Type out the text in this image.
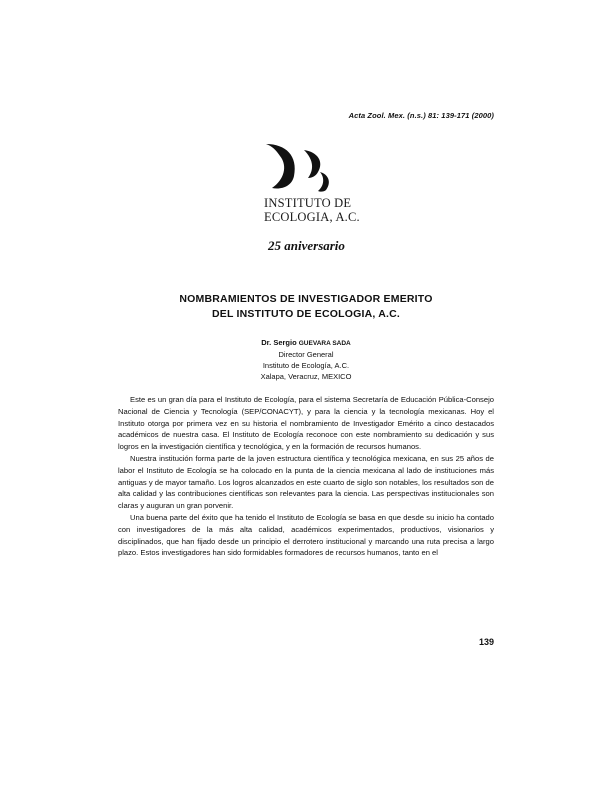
Acta Zool. Mex. (n.s.) 81: 139-171 (2000)
INSTITUTO DE
ECOLOGIA, A.C.
25 aniversario
NOMBRAMIENTOS DE INVESTIGADOR EMERITO
DEL INSTITUTO DE ECOLOGIA, A.C.
Dr. Sergio GUEVARA SADA
Director General
Instituto de Ecología, A.C.
Xalapa, Veracruz, MEXICO

Este es un gran día para el Instituto de Ecología, para el sistema Secretaría de Educación Pública-Consejo Nacional de Ciencia y Tecnología (SEP/CONACYT), y para la ciencia y la tecnología mexicanas. Hoy el Instituto otorga por primera vez en su historia el nombramiento de Investigador Emérito a cinco destacados académicos de nuestra casa. El Instituto de Ecología reconoce con este nombramiento su dedicación y sus logros en la investigación científica y tecnológica, y en la formación de recursos humanos.

Nuestra institución forma parte de la joven estructura científica y tecnológica mexicana, en sus 25 años de labor el Instituto de Ecología se ha colocado en la punta de la ciencia mexicana al lado de instituciones más antiguas y de mayor tamaño. Los logros alcanzados en este cuarto de siglo son notables, los resultados son de alta calidad y las contribuciones científicas son relevantes para la ciencia. Las perspectivas institucionales son claras y auguran un gran porvenir.

Una buena parte del éxito que ha tenido el Instituto de Ecología se basa en que desde su inicio ha contado con investigadores de la más alta calidad, académicos experimentados, productivos, visionarios y disciplinados, que han fijado desde un principio el derrotero institucional y marcando una ruta precisa a largo plazo. Estos investigadores han sido formidables formadores de recursos humanos, tanto en el

139
